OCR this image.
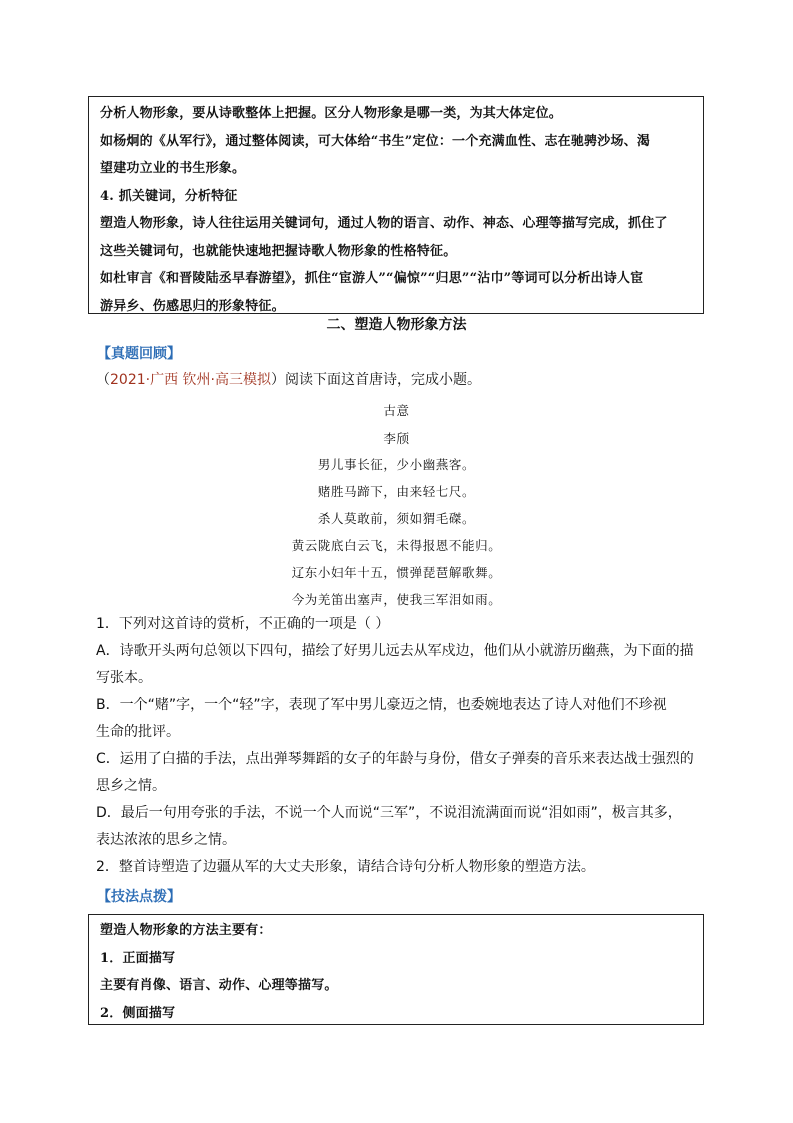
分析人物形象，要从诗歌整体上把握。区分人物形象是哪一类，为其大体定位。
如杨炯的《从军行》，通过整体阅读，可大体给“书生”定位：一个充满血性、志在驰骋沙场、渴
望建功立业的书生形象。
4. 抓关键词，分析特征
塑造人物形象，诗人往往运用关键词句，通过人物的语言、动作、神态、心理等描写完成，抓住了
这些关键词句，也就能快速地把握诗歌人物形象的性格特征。
如杜审言《和晋陵陆丞早春游望》，抓住“宦游人”“偏惊”“归思”“沾巾”等词可以分析出诗人宦
游异乡、伤感思归的形象特征。
二、塑造人物形象方法
【真题回顾】
（2021·广西 钦州·高三模拟）阅读下面这首唐诗，完成小题。
古意
李颀
男儿事长征，少小幽燕客。
赌胜马蹄下，由来轻七尺。
杀人莫敢前，须如猬毛磔。
黄云陇底白云飞，未得报恩不能归。
辽东小妇年十五，惯弹琵琶解歌舞。
今为羌笛出塞声，使我三军泪如雨。
1．下列对这首诗的赏析，不正确的一项是（ ）
A．诗歌开头两句总领以下四句，描绘了好男儿远去从军戍边，他们从小就游历幽燕，为下面的描
写张本。
B．一个“赌”字，一个“轻”字，表现了军中男儿豪迈之情，也委婉地表达了诗人对他们不珍视
生命的批评。
C．运用了白描的手法，点出弹琴舞蹈的女子的年龄与身份，借女子弹奏的音乐来表达战士强烈的
思乡之情。
D．最后一句用夸张的手法，不说一个人而说“三军”，不说泪流满面而说“泪如雨”，极言其多，
表达浓浓的思乡之情。
2．整首诗塑造了边疆从军的大丈夫形象，请结合诗句分析人物形象的塑造方法。
【技法点拨】
塑造人物形象的方法主要有：
1．正面描写
主要有肖像、语言、动作、心理等描写。
2．侧面描写
